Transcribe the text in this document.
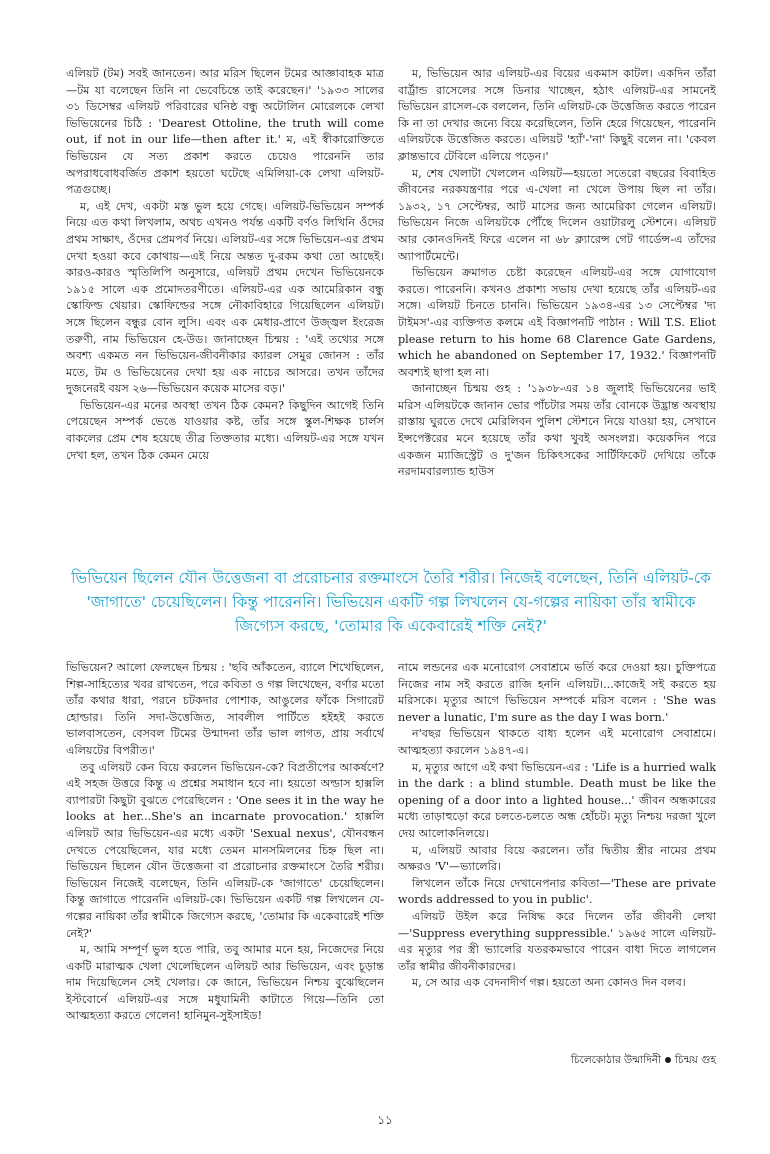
এলিয়ট (টম) সবই জানতেন। আর মরিস ছিলেন টমের আজ্ঞাবাহক মাত্র—টম যা বলেছেন তিনি না ভেবেচিন্তে তাই করেছেন।' '১৯৩৩ সালের ৩১ ডিসেম্বর এলিয়ট পরিবারের ঘনিষ্ঠ বন্ধু অটোলিন মোরেলকে লেখা ভিভিয়েনের চিঠি : 'Dearest Ottoline, the truth will come out, if not in our life—then after it.' ম, এই স্বীকারোক্তিতে ভিভিয়েন যে সত্য প্রকাশ করতে চেয়েও পারেননি তার অপরাধবোধবর্জিত প্রকাশ হয়তো ঘটেছে এমিলিয়া-কে লেখা এলিয়ট-পত্রগুচ্ছে।

ম, এই দেখ, একটা মস্ত ভুল হয়ে গেছে। এলিয়ট-ভিভিয়েন সম্পর্ক নিয়ে এত কথা লিখলাম, অথচ এখনও পর্যন্ত একটি বর্ণও লিখিনি ওঁদের প্রথম সাক্ষাৎ, ওঁদের প্রেমপর্ব নিয়ে। এলিয়ট-এর সঙ্গে ভিভিয়েন-এর প্রথম দেখা হওয়া কবে কোথায়—এই নিয়ে অন্তত দু-রকম কথা তো আছেই। কারও-কারও স্মৃতিলিপি অনুসারে, এলিয়ট প্রথম দেখেন ভিভিয়েনকে ১৯১৫ সালে এক প্রমোদতরণীতে। এলিয়ট-এর এক আমেরিকান বন্ধু স্কোফিল্ড থেয়ার। স্কোফিল্ডের সঙ্গে নৌকাবিহারে গিয়েছিলেন এলিয়ট। সঙ্গে ছিলেন বন্ধুর বোন লুসি। এবং এক মেধার-প্রাণে উজ্জ্বল ইংরেজ তরুণী, নাম ভিভিয়েন হে-উড। জানাচ্ছেন চিন্ময় : 'এই তথ্যের সঙ্গে অবশ্য একমত নন ভিভিয়েন-জীবনীকার ক্যারল সেমুর জোনস : তাঁর মতে, টম ও ভিভিয়েনের দেখা হয় এক নাচের আসরে। তখন তাঁদের দুজনেরই বয়স ২৬—ভিভিয়েন কয়েক মাসের বড়।'

ভিভিয়েন-এর মনের অবস্থা তখন ঠিক কেমন? কিছুদিন আগেই তিনি পেয়েছেন সম্পর্ক ভেঙে যাওয়ার কষ্ট, তাঁর সঙ্গে স্কুল-শিক্ষক চার্লস বাকলের প্রেম শেষ হয়েছে তীব্র তিক্ততার মধ্যে। এলিয়ট-এর সঙ্গে যখন দেখা হল, তখন ঠিক কেমন মেয়ে

ম, ভিভিয়েন আর এলিয়ট-এর বিয়ের একমাস কাটল। একদিন তাঁরা বার্ট্রান্ড রাসেলের সঙ্গে ডিনার খাচ্ছেন, হঠাৎ এলিয়ট-এর সামনেই ভিভিয়েন রাসেল-কে বললেন, তিনি এলিয়ট-কে উত্তেজিত করতে পারেন কি না তা দেখার জন্যে বিয়ে করেছিলেন, তিনি হেরে গিয়েছেন, পারেননি এলিয়টকে উত্তেজিত করতে। এলিয়ট 'হ্যাঁ'-'না' কিছুই বলেন না। 'কেবল ক্লান্তভাবে টেবিলে এলিয়ে পড়েন।'

ম, শেষ খেলাটা খেললেন এলিয়ট—হয়তো সতেরো বছরের বিবাহিত জীবনের নরকযন্ত্রণার পরে এ-খেলা না খেলে উপায় ছিল না তাঁর। ১৯৩২, ১৭ সেপ্টেম্বর, আট মাসের জন্য আমেরিকা গেলেন এলিয়ট। ভিভিয়েন নিজে এলিয়টকে পৌঁছে দিলেন ওয়াটারলু স্টেশনে। এলিয়ট আর কোনওদিনই ফিরে এলেন না ৬৮ ক্ল্যারেন্স গেট গার্ডেন্স-এ তাঁদের অ্যাপার্টমেন্টে।

ভিভিয়েন ক্রমাগত চেষ্টা করেছেন এলিয়ট-এর সঙ্গে যোগাযোগ করতে। পারেননি। কখনও প্রকাশ্য সভায় দেখা হয়েছে তাঁর এলিয়ট-এর সঙ্গে। এলিয়ট চিনতে চাননি। ভিভিয়েন ১৯৩৪-এর ১৩ সেপ্টেম্বর 'দ্য টাইমস'-এর ব্যক্তিগত কলমে এই বিজ্ঞাপনটি পাঠান : Will T.S. Eliot please return to his home 68 Clarence Gate Gardens, which he abandoned on September 17, 1932.' বিজ্ঞাপনটি অবশ্যই ছাপা হল না।

জানাচ্ছেন চিন্ময় গুহ : '১৯৩৮-এর ১৪ জুলাই ভিভিয়েনের ভাই মরিস এলিয়টকে জানান ভোর পাঁচটার সময় তাঁর বোনকে উদ্ভ্রান্ত অবস্থায় রাস্তায় ঘুরতে দেখে মেরিলিবন পুলিশ স্টেশনে নিয়ে যাওয়া হয়, সেখানে ইন্সপেক্টরের মনে হয়েছে তাঁর কথা খুবই অসংলগ্ন। কয়েকদিন পরে একজন ম্যাজিস্ট্রেট ও দু'জন চিকিৎসকের সার্টিফিকেট দেখিয়ে তাঁকে নরদামবারল্যান্ড হাউস

ভিভিয়েন ছিলেন যৌন উত্তেজনা বা প্ররোচনার রক্তমাংসে তৈরি শরীর। নিজেই বলেছেন, তিনি এলিয়ট-কে 'জাগাতে' চেয়েছিলেন। কিন্তু পারেননি। ভিভিয়েন একটি গল্প লিখলেন যে-গল্পের নায়িকা তাঁর স্বামীকে জিগ্যেস করছে, 'তোমার কি একেবারেই শক্তি নেই?'

ভিভিয়েন? আলো ফেলছেন চিন্ময় : 'ছবি আঁকতেন, ব্যালে শিখেছিলেন, শিল্প-সাহিত্যের খবর রাখতেন, পরে কবিতা ও গল্প লিখেছেন, বর্ণার মতো তাঁর কথার ধারা, পরনে চটকদার পোশাক, আঙুলের ফাঁকে সিগারেট হোল্ডার। তিনি সদা-উত্তেজিত, সাবলীল পার্টিতে হইহই করতে ভালবাসতেন, বেসবল টিমের উন্মাদনা তাঁর ভাল লাগত, প্রায় সর্বার্থে এলিয়টের বিপরীত।'

তবু এলিয়ট কেন বিয়ে করলেন ভিভিয়েন-কে? বিপ্রতীপের আকর্ষণে? এই সহজ উত্তরে কিন্তু এ প্রশ্নের সমাধান হবে না। হয়তো অল্ডাস হাক্সলি ব্যাপারটা কিছুটা বুঝতে পেরেছিলেন : 'One sees it in the way he looks at her...She's an incarnate provocation.' হাক্সলি এলিয়ট আর ভিভিয়েন-এর মধ্যে একটা 'Sexual nexus', যৌনবন্ধন দেখতে পেয়েছিলেন, যার মধ্যে তেমন মানসমিলনের চিহ্ন ছিল না। ভিভিয়েন ছিলেন যৌন উত্তেজনা বা প্ররোচনার রক্তমাংসে তৈরি শরীর। ভিভিয়েন নিজেই বলেছেন, তিনি এলিয়ট-কে 'জাগাতে' চেয়েছিলেন। কিন্তু জাগাতে পারেননি এলিয়ট-কে। ভিভিয়েন একটি গল্প লিখলেন যে-গল্পের নায়িকা তাঁর স্বামীকে জিগ্যেস করছে, 'তোমার কি একেবারেই শক্তি নেই?'

ম, আমি সম্পূর্ণ ভুল হতে পারি, তবু আমার মনে হয়, নিজেদের নিয়ে একটি মারাত্মক খেলা খেলেছিলেন এলিয়ট আর ভিভিয়েন, এবং চূড়ান্ত দাম দিয়েছিলেন সেই খেলার। কে জানে, ভিভিয়েন নিশ্চয় বুঝেছিলেন ইস্টবোর্নে এলিয়ট-এর সঙ্গে মধুযামিনী কাটাতে গিয়ে—তিনি তো আত্মহত্যা করতে গেলেন! হানিমুন-সুইসাইড!

নামে লন্ডনের এক মনোরোগ সেবাশ্রমে ভর্তি করে দেওয়া হয়। চুক্তিপত্রে নিজের নাম সই করতে রাজি হননি এলিয়ট।...কাজেই সই করতে হয় মরিসকে। মৃত্যুর আগে ভিভিয়েন সম্পর্কে মরিস বলেন : 'She was never a lunatic, I'm sure as the day I was born.'

ন'বছর ভিভিয়েন থাকতে বাধ্য হলেন এই মনোরোগ সেবাশ্রমে। আত্মহত্যা করলেন ১৯৪৭-এ।

ম, মৃত্যুর আগে এই কথা ভিভিয়েন-এর : 'Life is a hurried walk in the dark : a blind stumble. Death must be like the opening of a door into a lighted house...' জীবন অন্ধকারের মধ্যে তাড়াহুড়ো করে চলতে-চলতে অন্ধ হোঁচট। মৃত্যু নিশ্চয় দরজা খুলে দেয় আলোকনিলয়ে।

ম, এলিয়ট আবার বিয়ে করলেন। তাঁর দ্বিতীয় স্ত্রীর নামের প্রথম অক্ষরও 'V'—ভ্যালেরি।

লিখলেন তাঁকে নিয়ে দেখানেপনার কবিতা—'These are private words addressed to you in public'.

এলিয়ট উইল করে নিষিদ্ধ করে দিলেন তাঁর জীবনী লেখা—'Suppress everything suppressible.' ১৯৬৫ সালে এলিয়ট-এর মৃত্যুর পর স্ত্রী ভ্যালেরি যতরকমভাবে পারেন বাধা দিতে লাগলেন তাঁর স্বামীর জীবনীকারদের।

ম, সে আর এক বেদনাদীর্ণ গল্প। হয়তো অন্য কোনও দিন বলব।

চিলেকোঠার উন্মাদিনী চিন্ময় গুহ
১১
